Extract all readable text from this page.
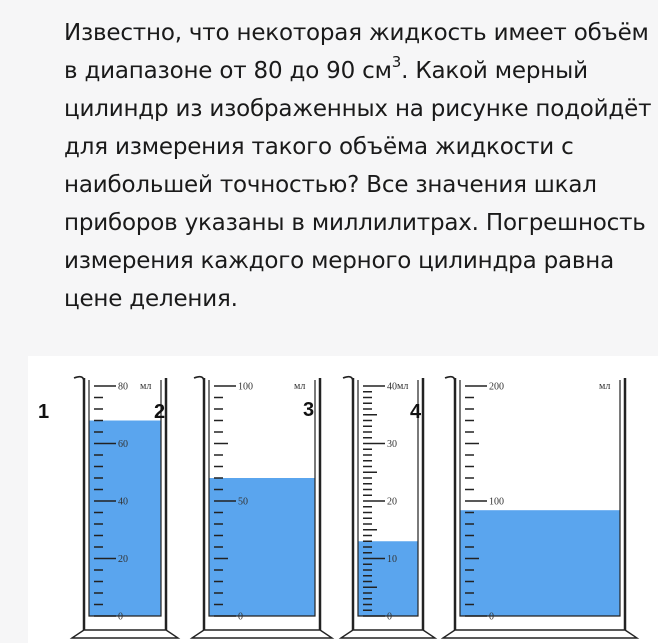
Известно, что некоторая жидкость имеет объём в диапазоне от 80 до 90 $см^3$. Какой мерный цилиндр из изображенных на рисунке подойдёт для измерения такого объёма жидкости с наибольшей точностью? Все значения шкал приборов указаны в миллилитрах. Погрешность измерения каждого мерного цилиндра равна цене деления.

80
60
40
20
0
мл
1
100
50
0
мл
2
40
30
20
10
0
мл
3
200
100
0
мл
4
